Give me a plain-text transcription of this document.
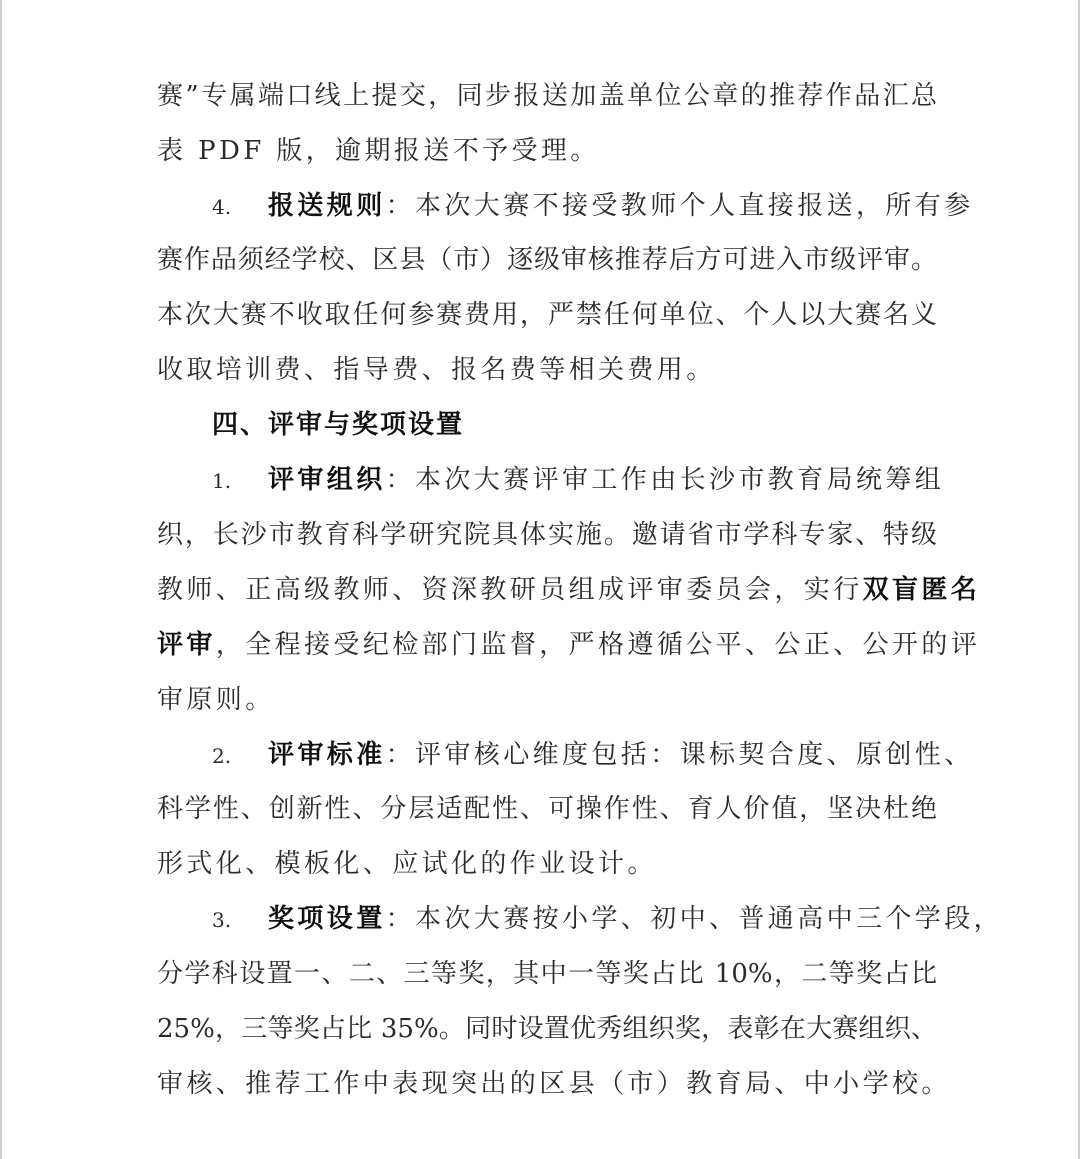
赛”专属端口线上提交，同步报送加盖单位公章的推荐作品汇总
表 PDF 版，逾期报送不予受理。
4. 报送规则：本次大赛不接受教师个人直接报送，所有参
赛作品须经学校、区县（市）逐级审核推荐后方可进入市级评审。
本次大赛不收取任何参赛费用，严禁任何单位、个人以大赛名义
收取培训费、指导费、报名费等相关费用。
四、评审与奖项设置
1. 评审组织：本次大赛评审工作由长沙市教育局统筹组
织，长沙市教育科学研究院具体实施。邀请省市学科专家、特级
教师、正高级教师、资深教研员组成评审委员会，实行双盲匿名
评审，全程接受纪检部门监督，严格遵循公平、公正、公开的评
审原则。
2. 评审标准：评审核心维度包括：课标契合度、原创性、
科学性、创新性、分层适配性、可操作性、育人价值，坚决杜绝
形式化、模板化、应试化的作业设计。
3. 奖项设置：本次大赛按小学、初中、普通高中三个学段，
分学科设置一、二、三等奖，其中一等奖占比 10%，二等奖占比
25%，三等奖占比 35%。同时设置优秀组织奖，表彰在大赛组织、
审核、推荐工作中表现突出的区县（市）教育局、中小学校。
